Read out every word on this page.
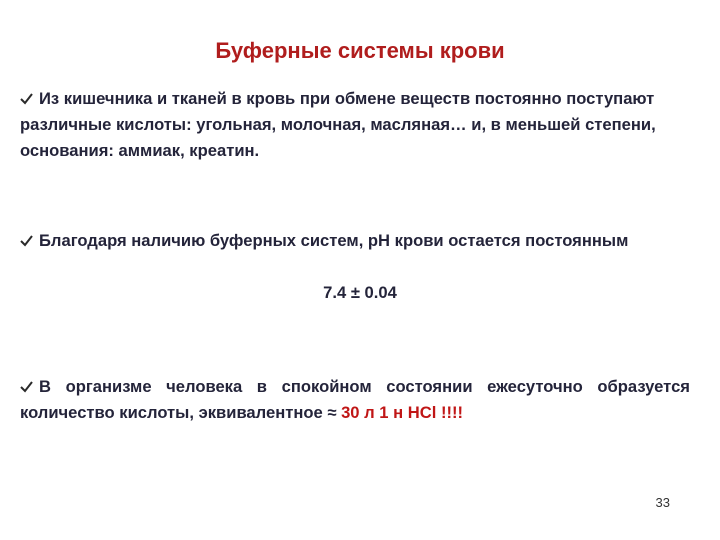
Буферные системы крови
Из кишечника и тканей в кровь при обмене веществ постоянно поступают различные кислоты: угольная, молочная, масляная… и, в меньшей степени, основания: аммиак, креатин.
Благодаря наличию буферных систем, рН крови остается постоянным
7.4 ± 0.04
В организме человека в спокойном состоянии ежесуточно образуется количество кислоты, эквивалентное ≈ 30 л 1 н НСl !!!!
33
